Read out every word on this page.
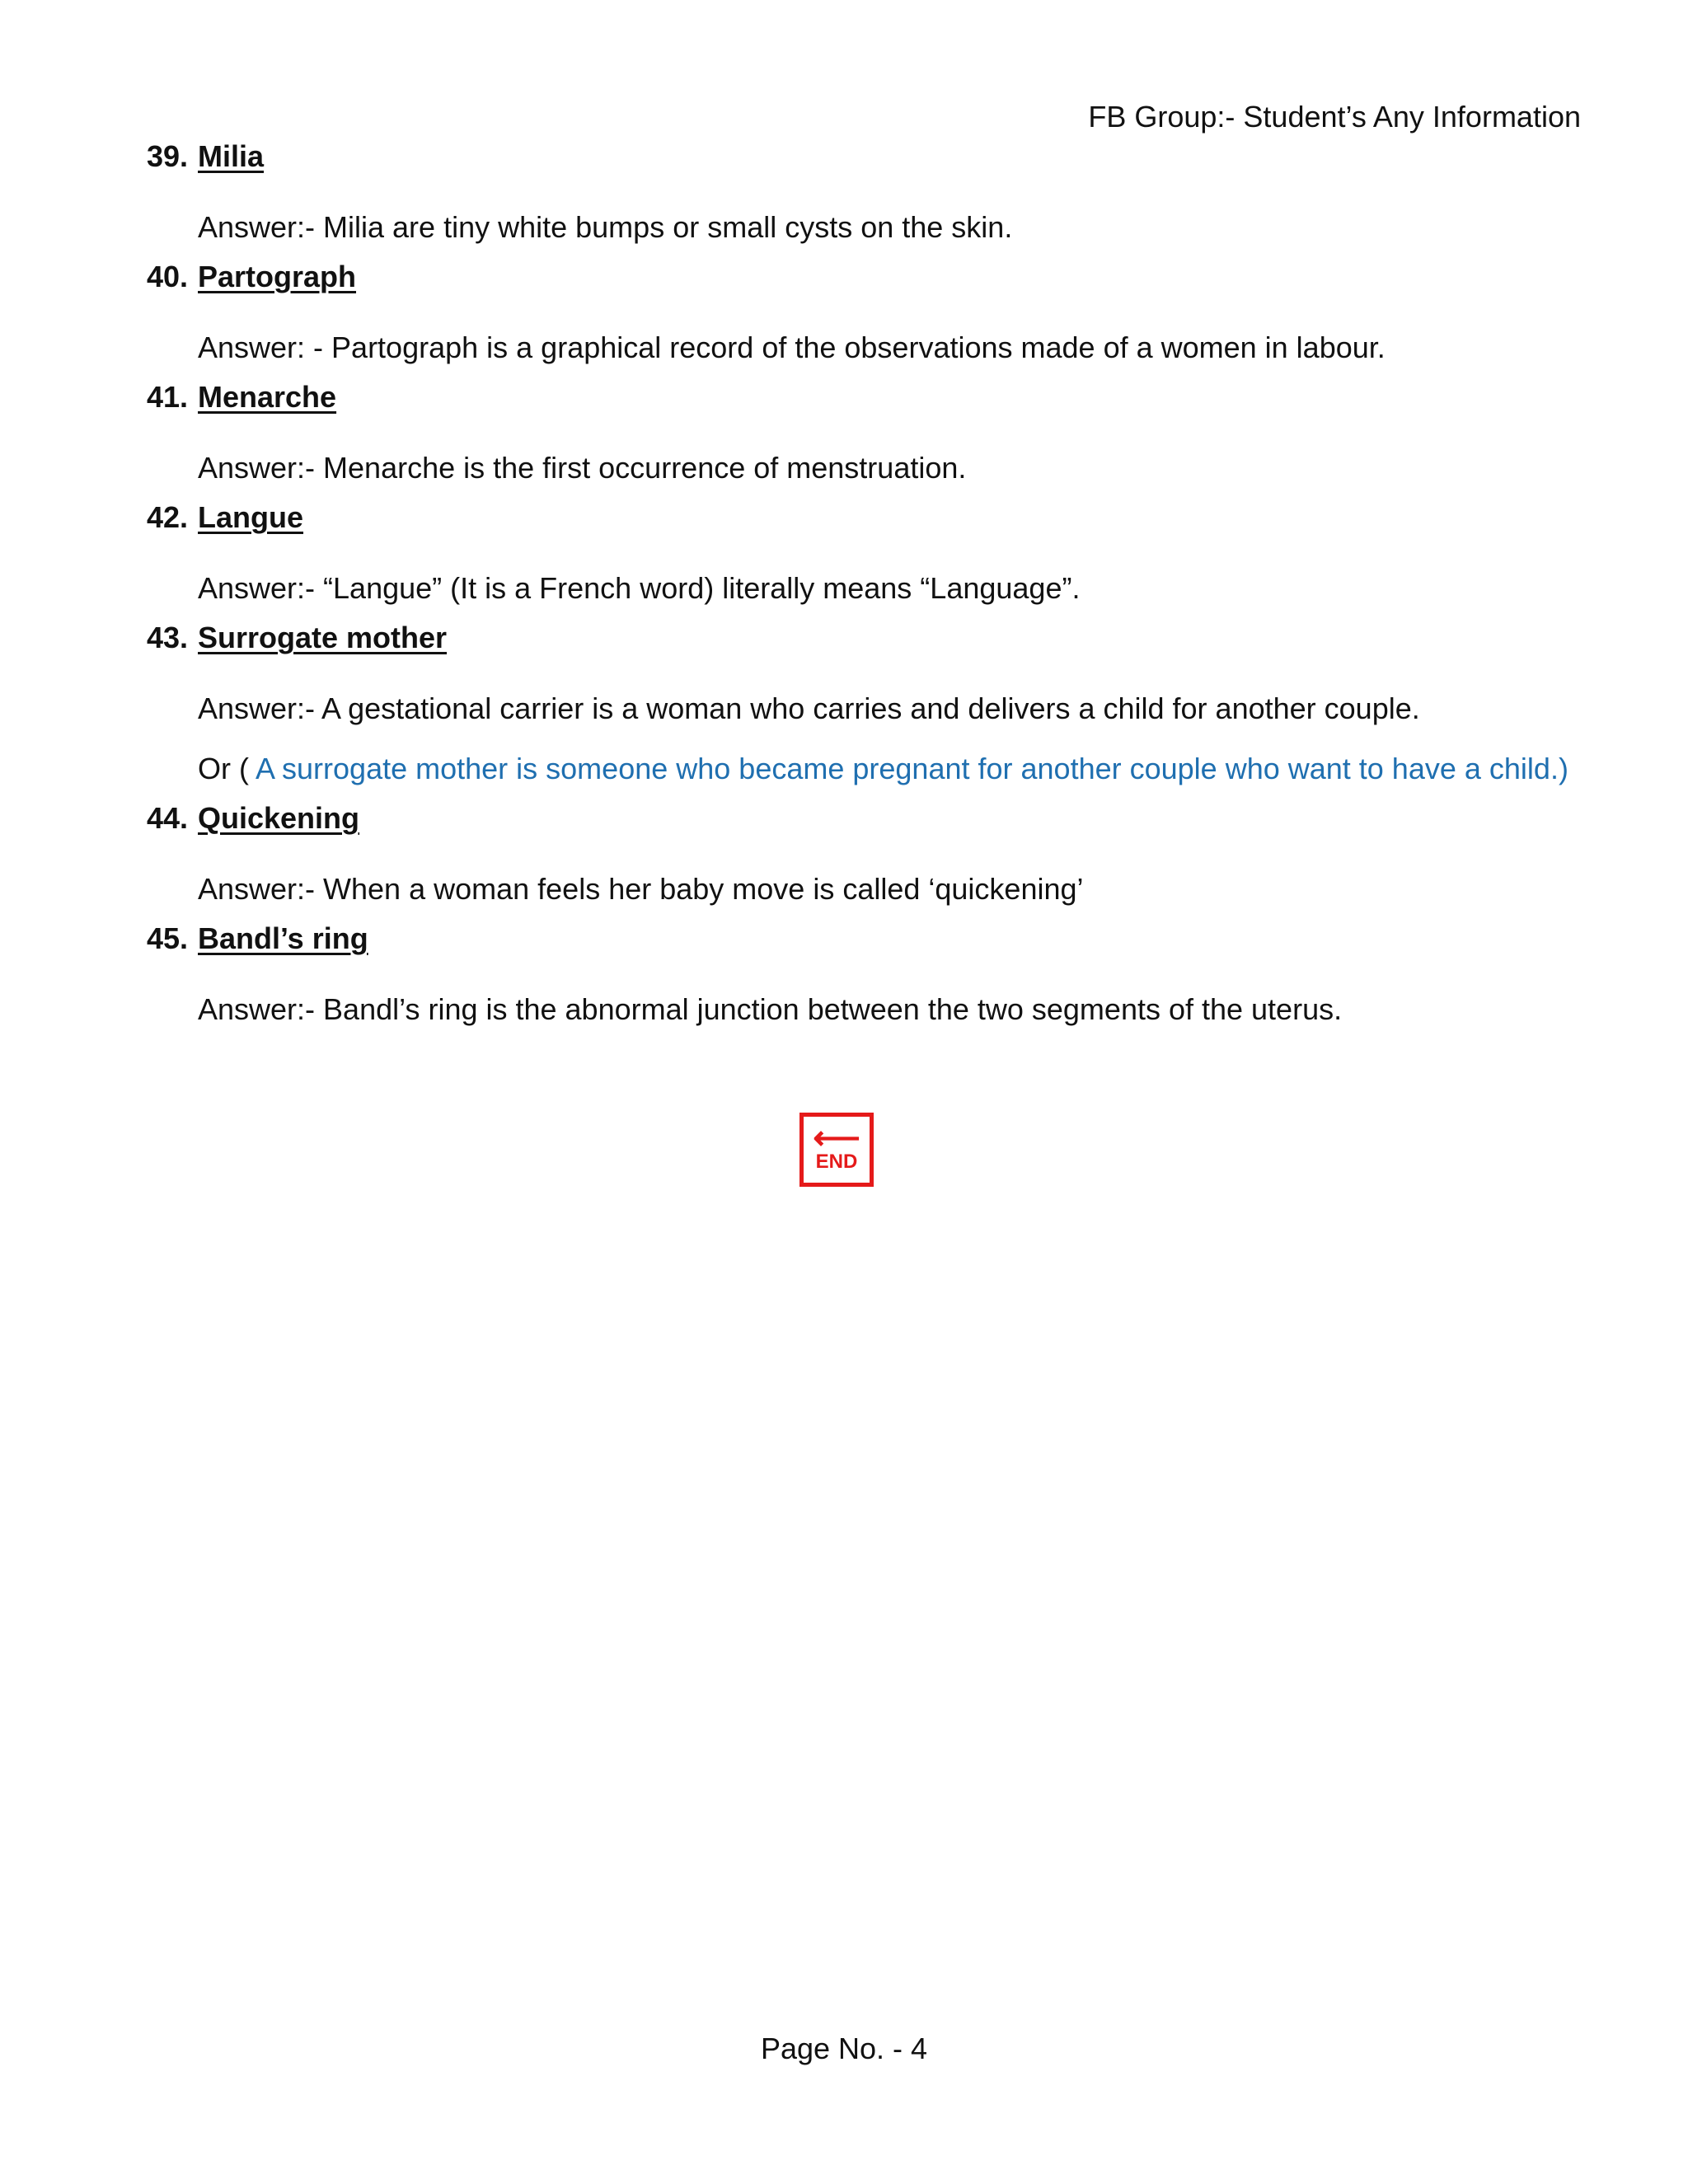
FB Group:- Student’s Any Information
39. Milia
Answer:- Milia are tiny white bumps or small cysts on the skin.
40. Partograph
Answer: - Partograph is a graphical record of the observations made of a women in labour.
41. Menarche
Answer:- Menarche is the first occurrence of menstruation.
42. Langue
Answer:- “Langue” (It is a French word) literally means “Language”.
43. Surrogate mother
Answer:- A gestational carrier is a woman who carries and delivers a child for another couple.
Or ( A surrogate mother is someone who became pregnant for another couple who want to have a child.)
44. Quickening
Answer:- When a woman feels her baby move is called ‘quickening’
45. Bandl’s ring
Answer:- Bandl’s ring is the abnormal junction between the two segments of the uterus.
⟵
END
Page No. - 4
